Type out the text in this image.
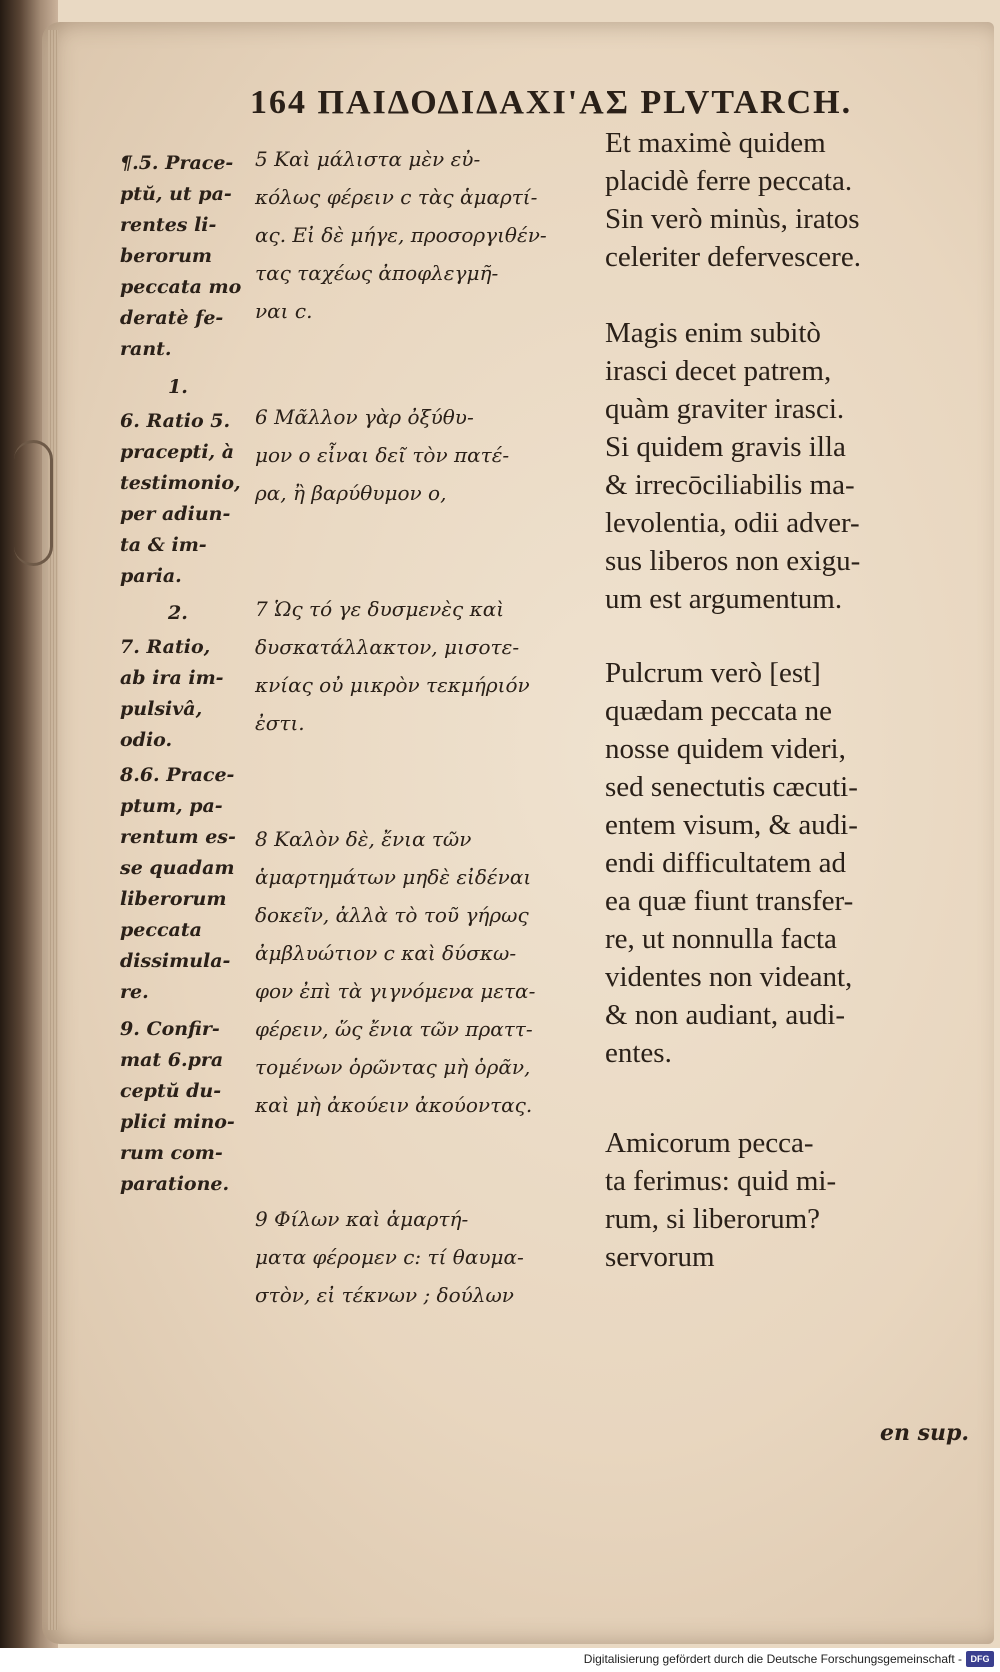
164 ΠΑΙΔΟΔΙΔΑΧΙ'ΑΣ PLVTARCH.

¶.5. Prace-
ptŭ, ut pa-
rentes li-
berorum
peccata mo
deratè fe-
rant.

1.

6. Ratio 5.
pracepti, à
testimonio,
per adiun-
ta & im-
paria.

2.

7. Ratio,
ab ira im-
pulsivâ,
odio.

8.6. Prace-
ptum, pa-
rentum es-
se quadam
liberorum
peccata
dissimula-
re.

9. Confir-
mat 6.pra
ceptŭ du-
plici mino-
rum com-
paratione.

5 Καὶ μάλιστα μὲν εὐ-
κόλως φέρειν c τὰς ἁμαρτί-
ας. Εἰ δὲ μήγε, προσοργιθέν-
τας ταχέως ἀποφλεγμῆ-
ναι c.

6 Μᾶλλον γὰρ ὀξύθυ-
μον ο εἶναι δεῖ τὸν πατέ-
ρα, ἢ βαρύθυμον ο,

7 Ὡς τό γε δυσμενὲς καὶ
δυσκατάλλακτον, μισοτε-
κνίας οὐ μικρὸν τεκμήριόν
ἐστι.

8 Καλὸν δὲ, ἔνια τῶν
ἁμαρτημάτων μηδὲ εἰδέναι
δοκεῖν, ἀλλὰ τὸ τοῦ γήρως
ἀμβλυώτιον c καὶ δύσκω-
φον ἐπὶ τὰ γιγνόμενα μετα-
φέρειν, ὥς ἔνια τῶν πραττ-
τομένων ὁρῶντας μὴ ὁρᾶν,
καὶ μὴ ἀκούειν ἀκούοντας.

9 Φίλων καὶ ἁμαρτή-
ματα φέρομεν c: τί θαυμα-
στὸν, εἰ τέκνων ; δούλων

Et maximè quidem
placidè ferre peccata.
Sin verò minùs, iratos
celeriter defervescere.

Magis enim subitò
irasci decet patrem,
quàm graviter irasci.
Si quidem gravis illa
& irrecōciliabilis ma-
levolentia, odii adver-
sus liberos non exigu-
um est argumentum.

Pulcrum verò [est]
quædam peccata ne
nosse quidem videri,
sed senectutis cæcuti-
entem visum, & audi-
endi difficultatem ad
ea quæ fiunt transfer-
re, ut nonnulla facta
videntes non videant,
& non audiant, audi-
entes.

Amicorum pecca-
ta ferimus: quid mi-
rum, si liberorum?
servorum

en sup.
Digitalisierung gefördert durch die Deutsche Forschungsgemeinschaft - DFG
